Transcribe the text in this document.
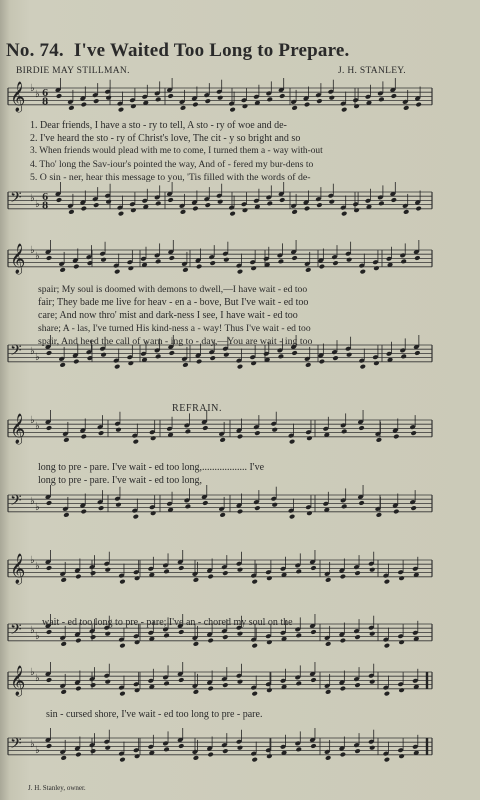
No. 74. I've Waited Too Long to Prepare.
BIRDIE MAY STILLMAN.	J. H. STANLEY.
𝄞 ♭
♭ 6
8
𝄢 ♭
♭
6
8
𝄞 ♭
♭
𝄢 ♭
♭
𝄞 ♭
♭
𝄢 ♭
♭
𝄞 ♭
♭
𝄢 ♭
♭
𝄞 ♭
♭
𝄢 ♭
♭
1. Dear friends, I have a sto - ry to tell, A sto - ry of woe and de-
2. I've heard the sto - ry of Christ's love, The cit - y so bright and so
3. When friends would plead with me to come, I turned them a - way with-out
4. Tho' long the Sav-iour's pointed the way, And of - fered my bur-dens to
5. O sin - ner, hear this message to you, 'Tis filled with the words of de-
spair; My soul is doomed with demons to dwell,—I have wait - ed too
fair; They bade me live for heav - en a - bove, But I've wait - ed too
care; And now thro' mist and dark-ness I see, I have wait - ed too
share; A - las, I've turned His kind-ness a - way! Thus I've wait - ed too
spair, And heed the call of warn - ing to - day,—You are wait - ing too
REFRAIN.
long to pre - pare. I've wait - ed too long,.................. I've
long to pre - pare. I've wait - ed too long,
wait - ed too long to pre - pare; I've an - chored my soul on the
sin - cursed shore, I've wait - ed too long to pre - pare.
J. H. Stanley, owner.
